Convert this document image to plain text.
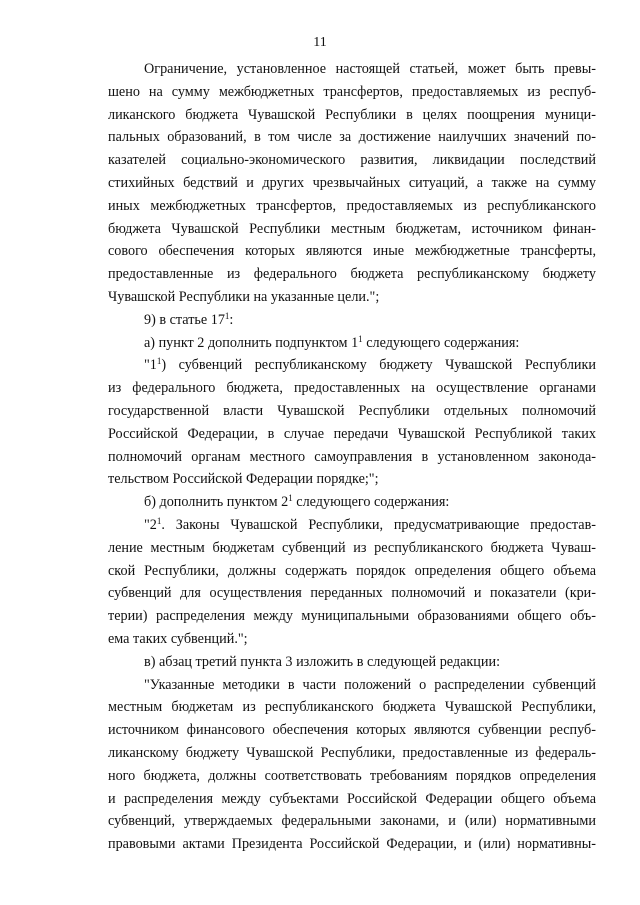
11
Ограничение, установленное настоящей статьей, может быть превы-
шено на сумму межбюджетных трансфертов, предоставляемых из респуб-
ликанского бюджета Чувашской Республики в целях поощрения муници-
пальных образований, в том числе за достижение наилучших значений по-
казателей социально-экономического развития, ликвидации последствий
стихийных бедствий и других чрезвычайных ситуаций, а также на сумму
иных межбюджетных трансфертов, предоставляемых из республиканского
бюджета Чувашской Республики местным бюджетам, источником финан-
сового обеспечения которых являются иные межбюджетные трансферты,
предоставленные из федерального бюджета республиканскому бюджету
Чувашской Республики на указанные цели.";
9) в статье $17^1$:
а) пункт 2 дополнить подпунктом $1^1$ следующего содержания:
"$1^1$) субвенций республиканскому бюджету Чувашской Республики
из федерального бюджета, предоставленных на осуществление органами
государственной власти Чувашской Республики отдельных полномочий
Российской Федерации, в случае передачи Чувашской Республикой таких
полномочий органам местного самоуправления в установленном законода-
тельством Российской Федерации порядке;";
б) дополнить пунктом $2^1$ следующего содержания:
"$2^1$. Законы Чувашской Республики, предусматривающие предостав-
ление местным бюджетам субвенций из республиканского бюджета Чуваш-
ской Республики, должны содержать порядок определения общего объема
субвенций для осуществления переданных полномочий и показатели (кри-
терии) распределения между муниципальными образованиями общего объ-
ема таких субвенций.";
в) абзац третий пункта 3 изложить в следующей редакции:
"Указанные методики в части положений о распределении субвенций
местным бюджетам из республиканского бюджета Чувашской Республики,
источником финансового обеспечения которых являются субвенции респуб-
ликанскому бюджету Чувашской Республики, предоставленные из федераль-
ного бюджета, должны соответствовать требованиям порядков определения
и распределения между субъектами Российской Федерации общего объема
субвенций, утверждаемых федеральными законами, и (или) нормативными
правовыми актами Президента Российской Федерации, и (или) нормативны-
